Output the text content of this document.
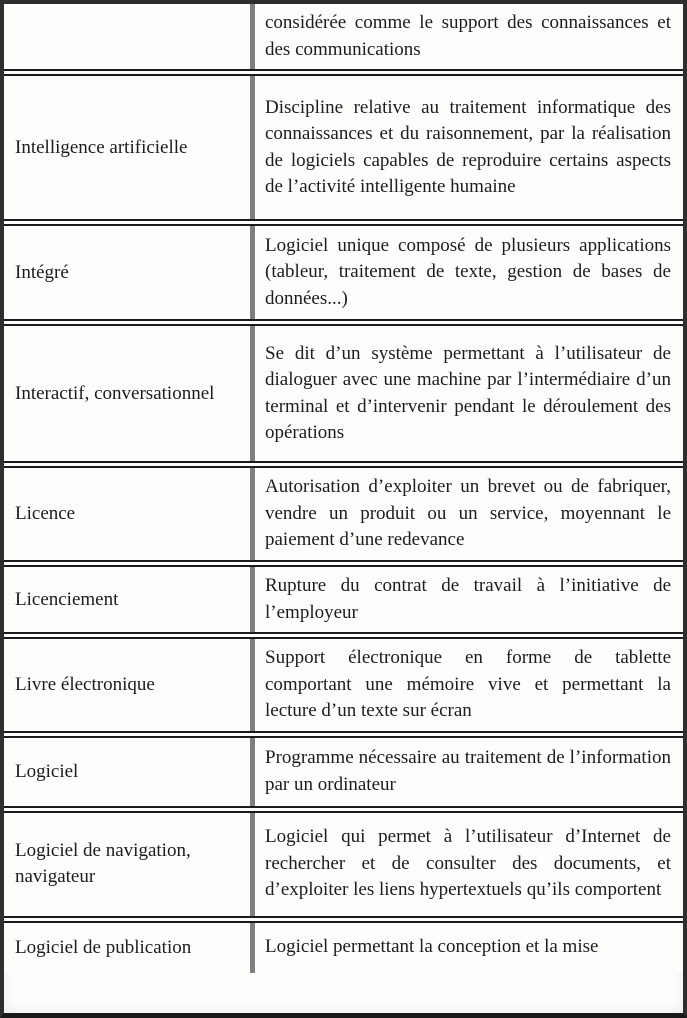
considérée comme le support des connaissances et des communications

Intelligence artificielle

Discipline relative au traitement informatique des connaissances et du raisonnement, par la réalisation de logiciels capables de reproduire certains aspects de l’activité intelligente humaine

Intégré

Logiciel unique composé de plusieurs applications (tableur, traitement de texte, gestion de bases de données...)

Interactif, conversationnel

Se dit d’un système permettant à l’utilisateur de dialoguer avec une machine par l’intermédiaire d’un terminal et d’intervenir pendant le déroulement des opérations

Licence

Autorisation d’exploiter un brevet ou de fabriquer, vendre un produit ou un service, moyennant le paiement d’une redevance

Licenciement

Rupture du contrat de travail à l’initiative de l’employeur

Livre électronique

Support électronique en forme de tablette comportant une mémoire vive et permettant la lecture d’un texte sur écran

Logiciel

Programme nécessaire au traitement de l’information par un ordinateur

Logiciel de navigation, navigateur

Logiciel qui permet à l’utilisateur d’Internet de rechercher et de consulter des documents, et d’exploiter les liens hypertextuels qu’ils comportent

Logiciel de publication	Logiciel permettant la conception et la mise
